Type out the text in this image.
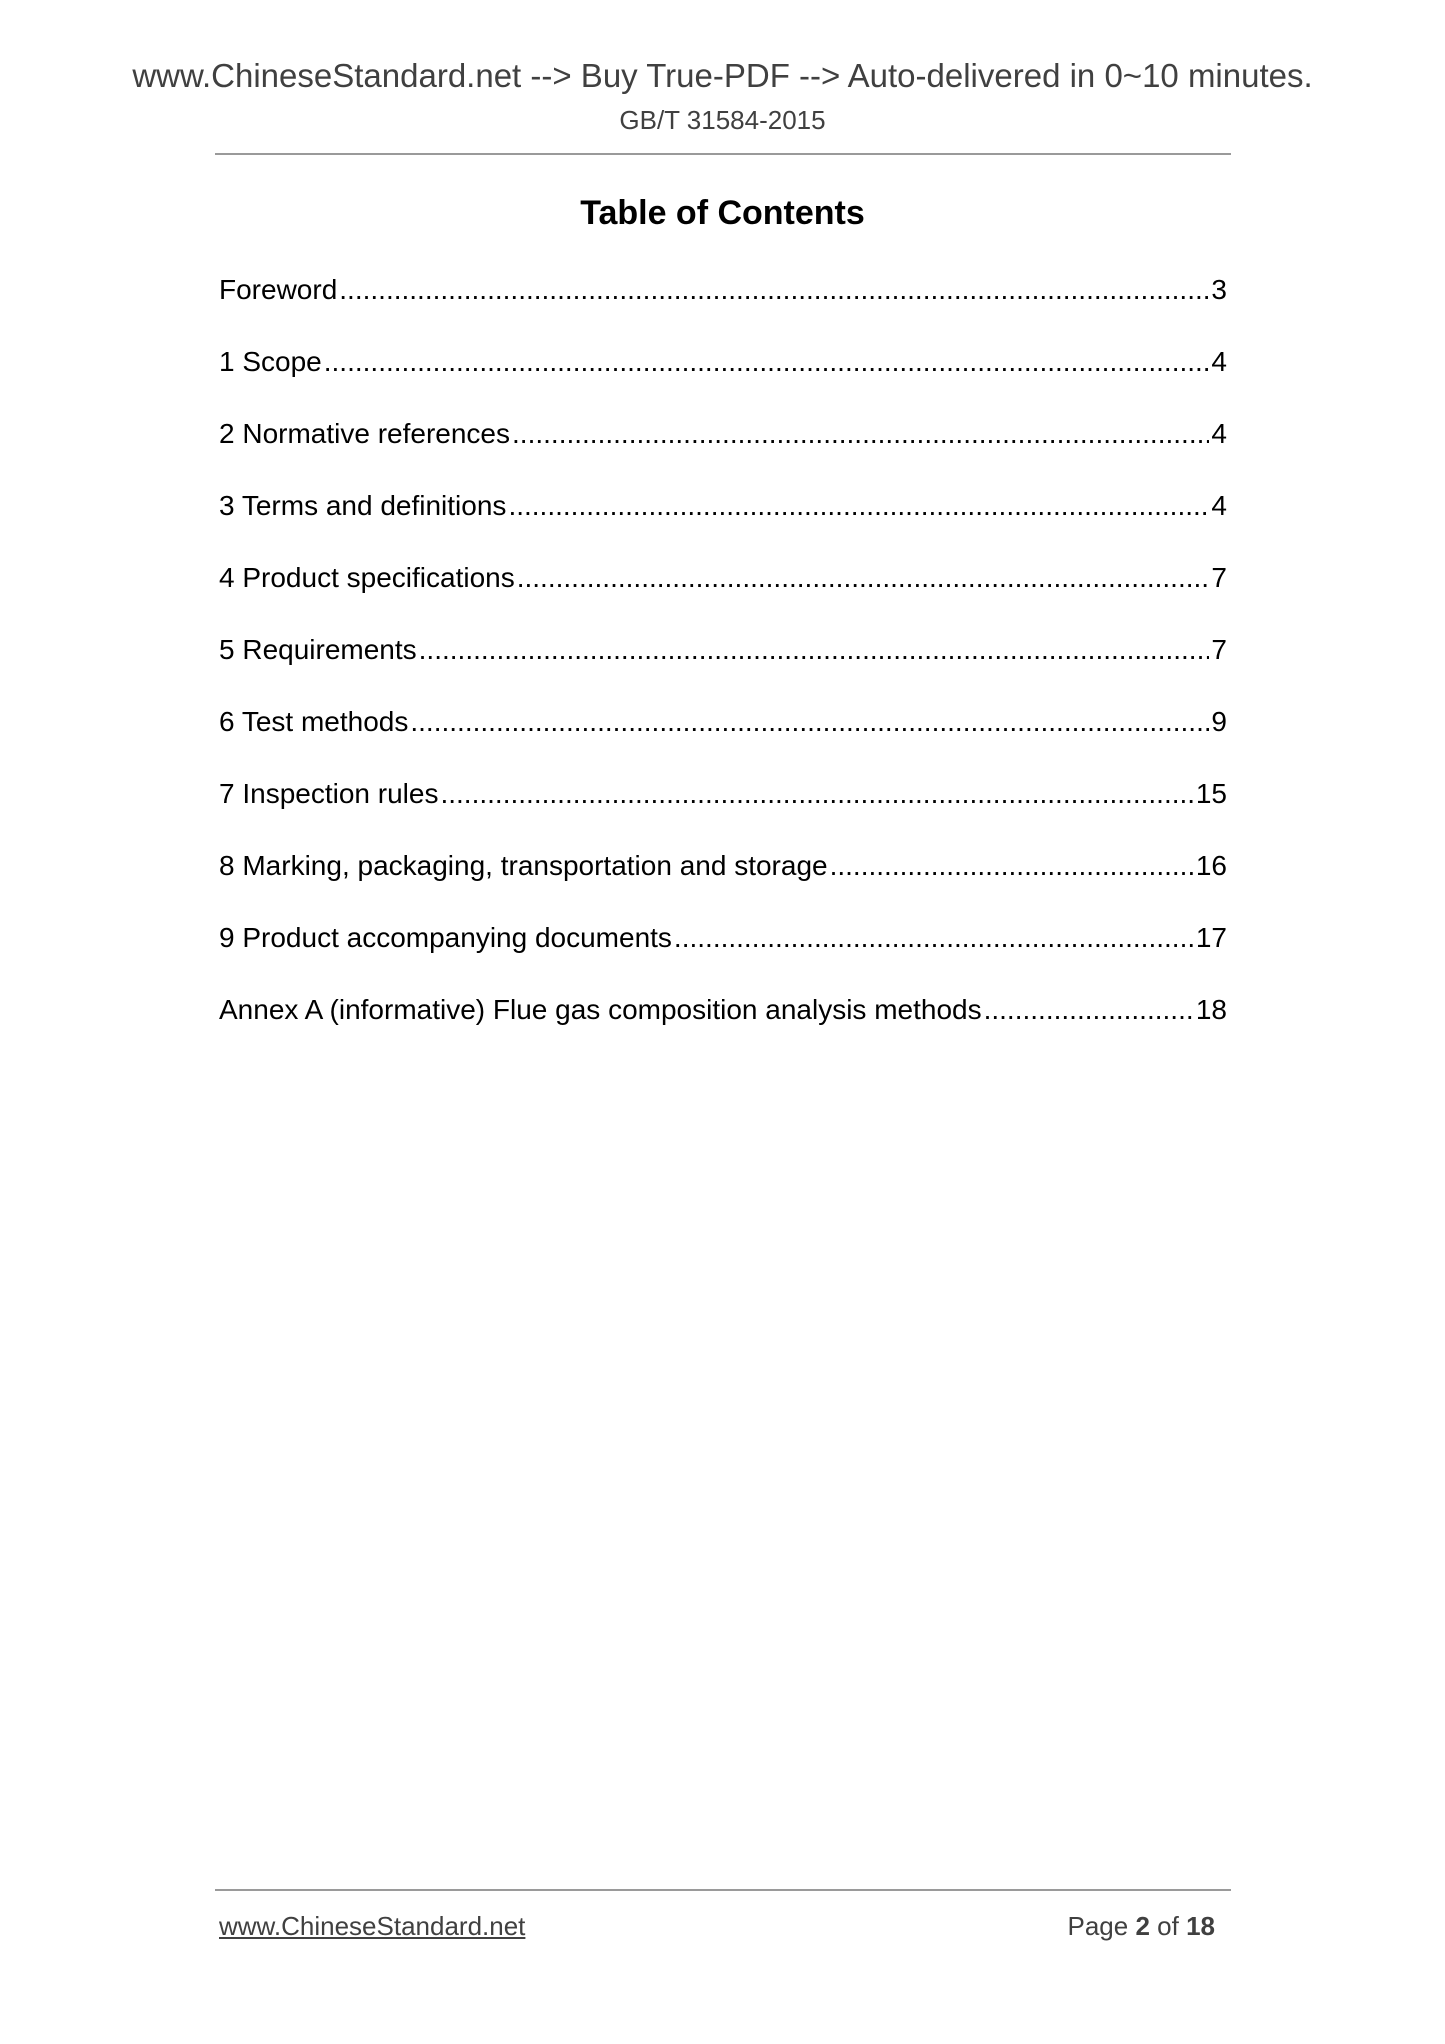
www.ChineseStandard.net --> Buy True-PDF --> Auto-delivered in 0~10 minutes.
GB/T 31584-2015
Table of Contents
Foreword .....	3
1 Scope .....	4
2 Normative references .....	4
3 Terms and definitions .....	4
4 Product specifications .....	7
5 Requirements .....	7
6 Test methods .....	9
7 Inspection rules .....	15
8 Marking, packaging, transportation and storage .....	16
9 Product accompanying documents .....	17
Annex A (informative) Flue gas composition analysis methods .....	18
www.ChineseStandard.net	Page 2 of 18
